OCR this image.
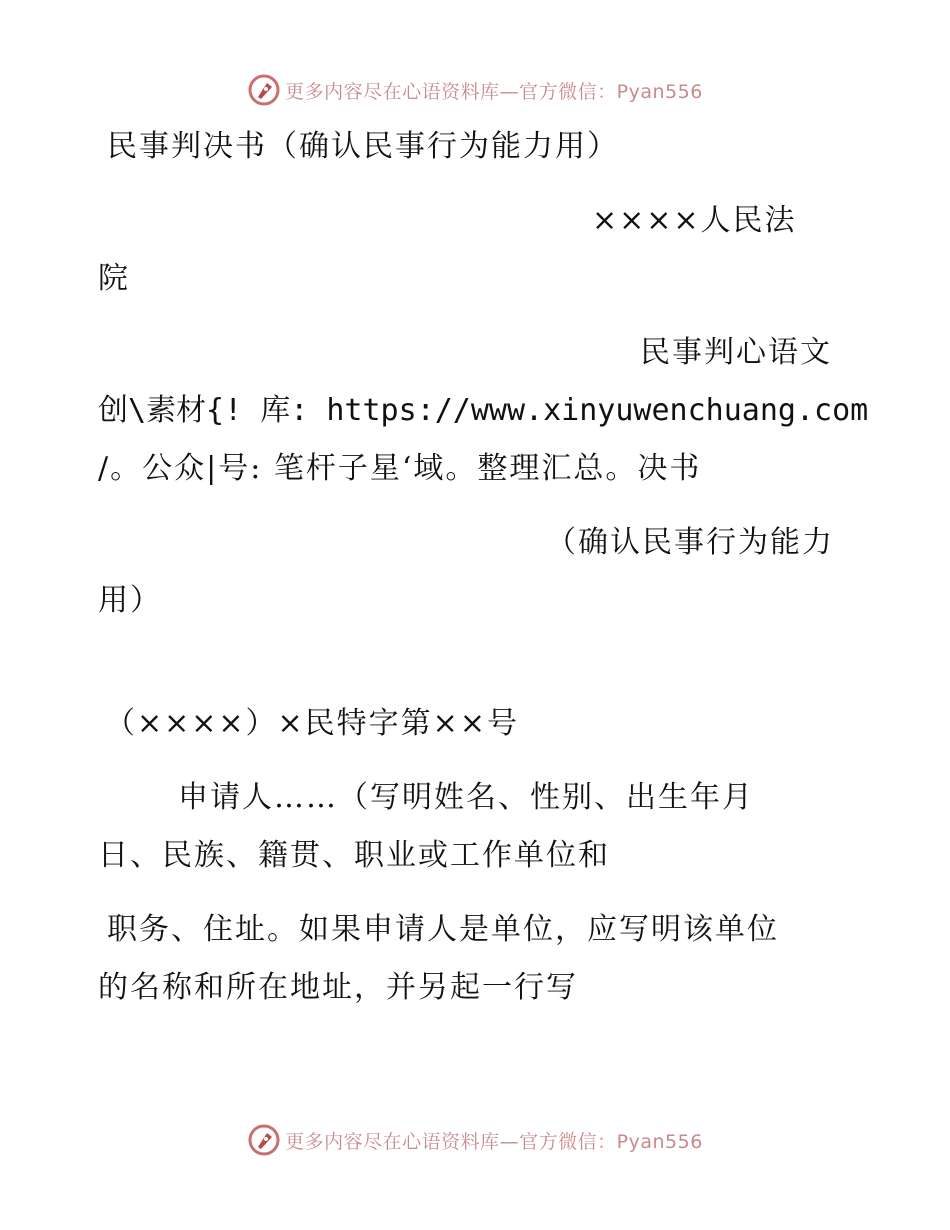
更多内容尽在心语资料库—官方微信：Pyan556
民事判决书（确认民事行为能力用）
××××人民法
院
民事判心语文
创\素材{! 库: https://www.xinyuwenchuang.com
/。公众|号: 笔杆子星‘域。整理汇总。决书
（确认民事行为能力
用）
（××××）×民特字第××号
申请人……（写明姓名、性别、出生年月
日、民族、籍贯、职业或工作单位和
职务、住址。如果申请人是单位，应写明该单位
的名称和所在地址，并另起一行写
更多内容尽在心语资料库—官方微信：Pyan556
